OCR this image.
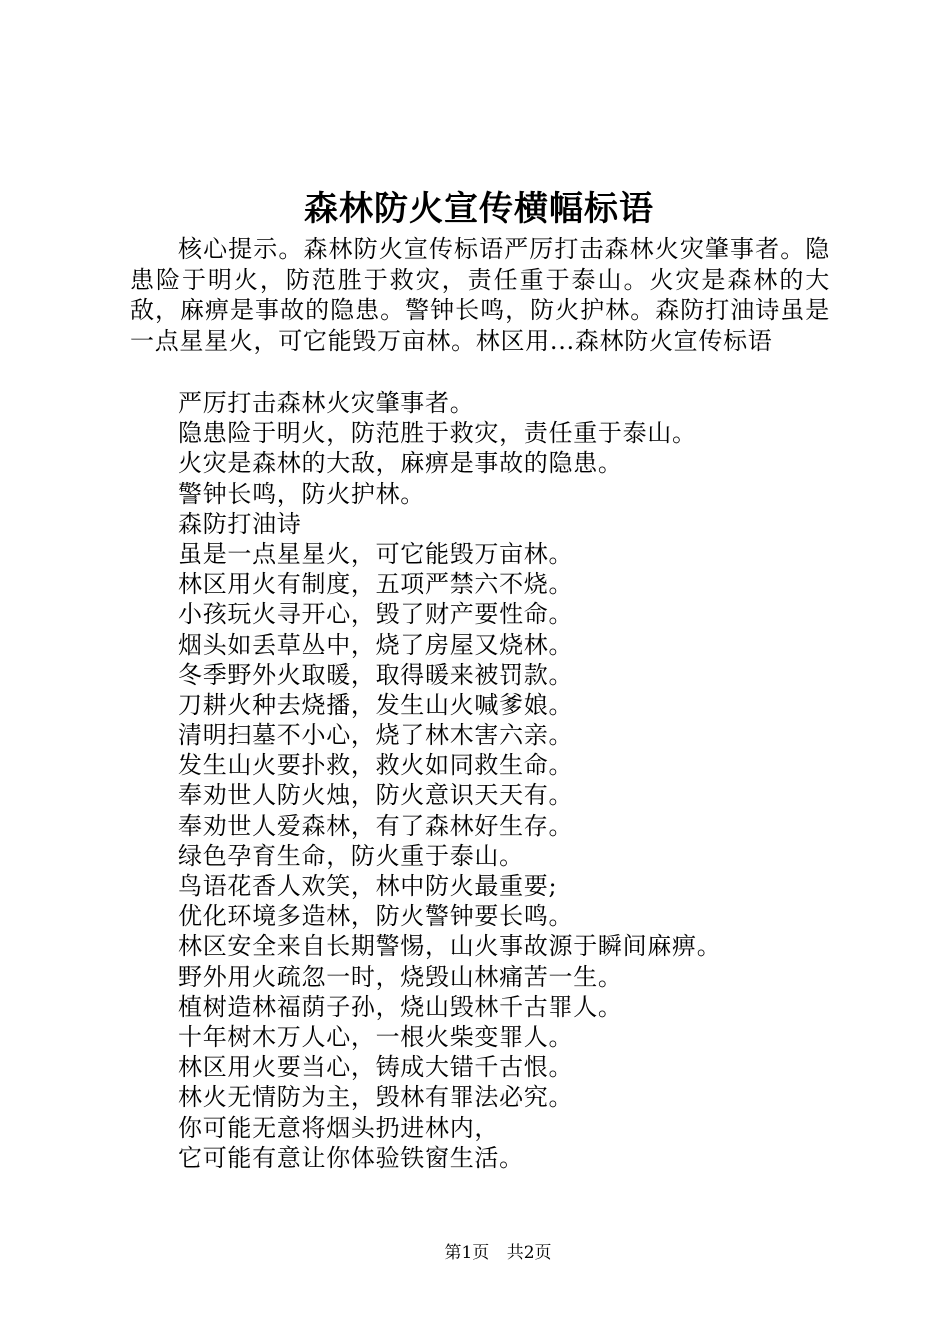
森林防火宣传横幅标语

核心提示。森林防火宣传标语严厉打击森林火灾肇事者。隐患险于明火，防范胜于救灾，责任重于泰山。火灾是森林的大敌，麻痹是事故的隐患。警钟长鸣，防火护林。森防打油诗虽是一点星星火，可它能毁万亩林。林区用...森林防火宣传标语

严厉打击森林火灾肇事者。
隐患险于明火，防范胜于救灾，责任重于泰山。
火灾是森林的大敌，麻痹是事故的隐患。
警钟长鸣，防火护林。
森防打油诗
虽是一点星星火，可它能毁万亩林。
林区用火有制度，五项严禁六不烧。
小孩玩火寻开心，毁了财产要性命。
烟头如丢草丛中，烧了房屋又烧林。
冬季野外火取暖，取得暖来被罚款。
刀耕火种去烧播，发生山火喊爹娘。
清明扫墓不小心，烧了林木害六亲。
发生山火要扑救，救火如同救生命。
奉劝世人防火烛，防火意识天天有。
奉劝世人爱森林，有了森林好生存。
绿色孕育生命，防火重于泰山。
鸟语花香人欢笑，林中防火最重要;
优化环境多造林，防火警钟要长鸣。
林区安全来自长期警惕，山火事故源于瞬间麻痹。
野外用火疏忽一时，烧毁山林痛苦一生。
植树造林福荫子孙，烧山毁林千古罪人。
十年树木万人心，一根火柴变罪人。
林区用火要当心，铸成大错千古恨。
林火无情防为主，毁林有罪法必究。
你可能无意将烟头扔进林内，
它可能有意让你体验铁窗生活。
第1页 共2页
